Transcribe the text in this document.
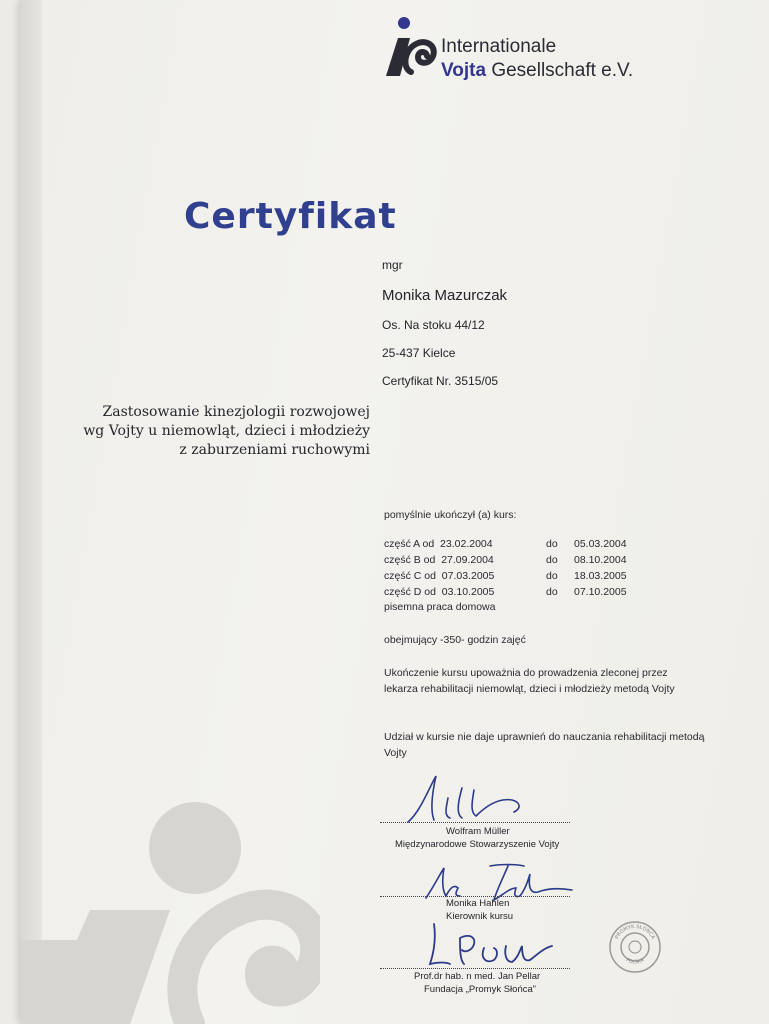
Internationale
Vojta Gesellschaft e.V.
Certyfikat
mgr
Monika Mazurczak
Os. Na stoku 44/12
25-437 Kielce
Certyfikat Nr. 3515/05
Zastosowanie kinezjologii rozwojowej
wg Vojty u niemowląt, dzieci i młodzieży
z zaburzeniami ruchowymi
pomyślnie ukończył (a) kurs:
część A od 23.02.2004	do	05.03.2004
część B od 27.09.2004	do	08.10.2004
część C od 07.03.2005	do	18.03.2005
część D od 03.10.2005	do	07.10.2005
pisemna praca domowa
obejmujący -350- godzin zajęć
Ukończenie kursu upoważnia do prowadzenia zleconej przez lekarza rehabilitacji niemowląt, dzieci i młodzieży metodą Vojty
Udział w kursie nie daje uprawnień do nauczania rehabilitacji metodą Vojty
Wolfram Müller
Międzynarodowe Stowarzyszenie Vojty
Monika Hahlen
Kierownik kursu
Prof.dr hab. n med. Jan Pellar
Fundacja „Promyk Słońca”
PROMYK SŁOŃCA
POLSKA
